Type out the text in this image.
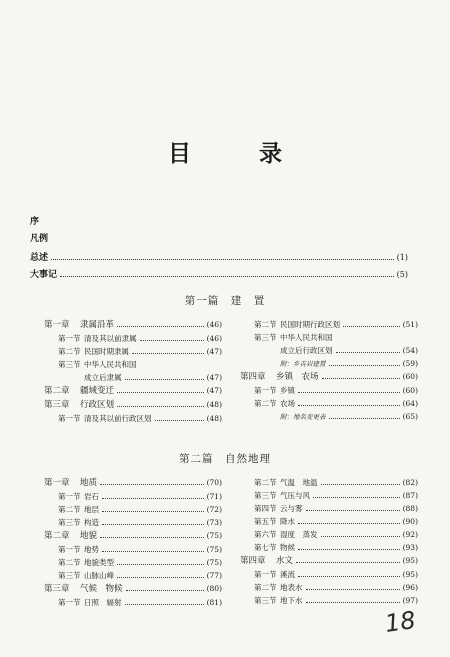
目 录
序
凡例
总述	(1)
大事记	(5)
第一篇　建　置
第一章	隶属沿革	(46)
第一节 清及其以前隶属	(46)
第二节 民国时期隶属	(47)
第三节 中华人民共和国
成立后隶属	(47)
第二章	疆域变迁	(47)
第三章	行政区划	(48)
第一节 清及其以前行政区划	(48)
第二节 民国时期行政区划	(51)
第三节 中华人民共和国
成立后行政区划	(54)
附：乡吉岩建置	(59)
第四章	乡镇　农场	(60)
第一节 乡镇	(60)
第二节 农场	(64)
附：地名变更表	(65)
第二篇　自然地理
第一章	地质	(70)
第一节 岩石	(71)
第二节 地层	(72)
第三节 构造	(73)
第二章	地貌	(75)
第一节 地势	(75)
第二节 地貌类型	(75)
第三节 山脉山峰	(77)
第三章	气候　物候	(80)
第一节 日照　辐射	(81)
第二节 气温　地温	(82)
第三节 气压与风	(87)
第四节 云与雾	(88)
第五节 降水	(90)
第六节 湿度　蒸发	(92)
第七节 物候	(93)
第四章	水文	(95)
第一节 溪流	(95)
第二节 地表水	(96)
第三节 地下水	(97)
18
